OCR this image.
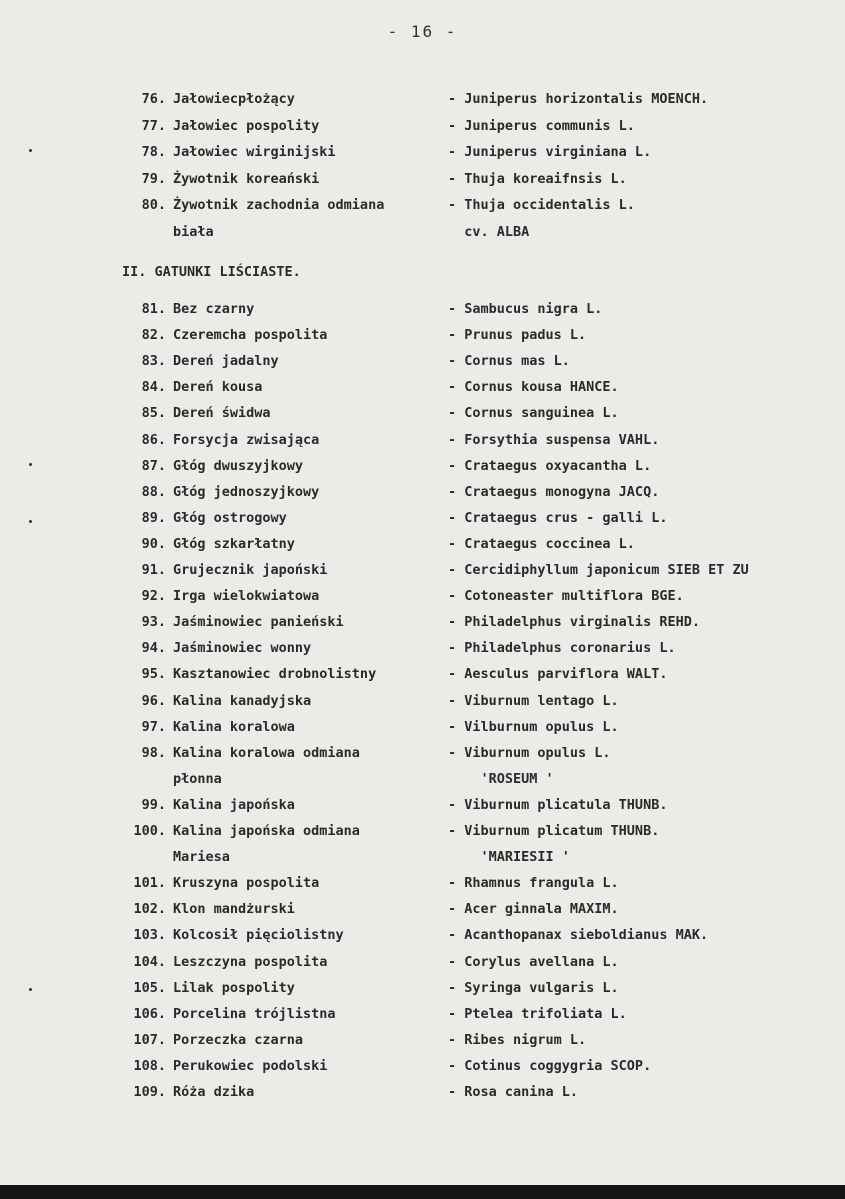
- 16 -
II. GATUNKI LIŚCIASTE.
76. Jałowiecpłożący	- Juniperus horizontalis MOENCH.
77. Jałowiec pospolity	- Juniperus communis L.
78. Jałowiec wirginijski	- Juniperus virginiana L.
79. Żywotnik koreański	- Thuja koreaifnsis L.
80. Żywotnik zachodnia odmiana	- Thuja occidentalis L.
biała	cv. ALBA
81. Bez czarny	- Sambucus nigra L.
82. Czeremcha pospolita	- Prunus padus L.
83. Dereń jadalny	- Cornus mas L.
84. Dereń kousa	- Cornus kousa HANCE.
85. Dereń świdwa	- Cornus sanguinea L.
86. Forsycja zwisająca	- Forsythia suspensa VAHL.
87. Głóg dwuszyjkowy	- Crataegus oxyacantha L.
88. Głóg jednoszyjkowy	- Crataegus monogyna JACQ.
89. Głóg ostrogowy	- Crataegus crus - galli L.
90. Głóg szkarłatny	- Crataegus coccinea L.
91. Grujecznik japoński	- Cercidiphyllum japonicum SIEB ET ZU
92. Irga wielokwiatowa	- Cotoneaster multiflora BGE.
93. Jaśminowiec panieński	- Philadelphus virginalis REHD.
94. Jaśminowiec wonny	- Philadelphus coronarius L.
95. Kasztanowiec drobnolistny	- Aesculus parviflora WALT.
96. Kalina kanadyjska	- Viburnum lentago L.
97. Kalina koralowa	- Vilburnum opulus L.
98. Kalina koralowa odmiana	- Viburnum opulus L.
płonna	'ROSEUM '
99. Kalina japońska	- Viburnum plicatula THUNB.
100. Kalina japońska odmiana	- Viburnum plicatum THUNB.
Mariesa	'MARIESII '
101. Kruszyna pospolita	- Rhamnus frangula L.
102. Klon mandżurski	- Acer ginnala MAXIM.
103. Kolcosił pięciolistny	- Acanthopanax sieboldianus MAK.
104. Leszczyna pospolita	- Corylus avellana L.
105. Lilak pospolity	- Syringa vulgaris L.
106. Porcelina trójlistna	- Ptelea trifoliata L.
107. Porzeczka czarna	- Ribes nigrum L.
108. Perukowiec podolski	- Cotinus coggygria SCOP.
109. Róża dzika	- Rosa canina L.
